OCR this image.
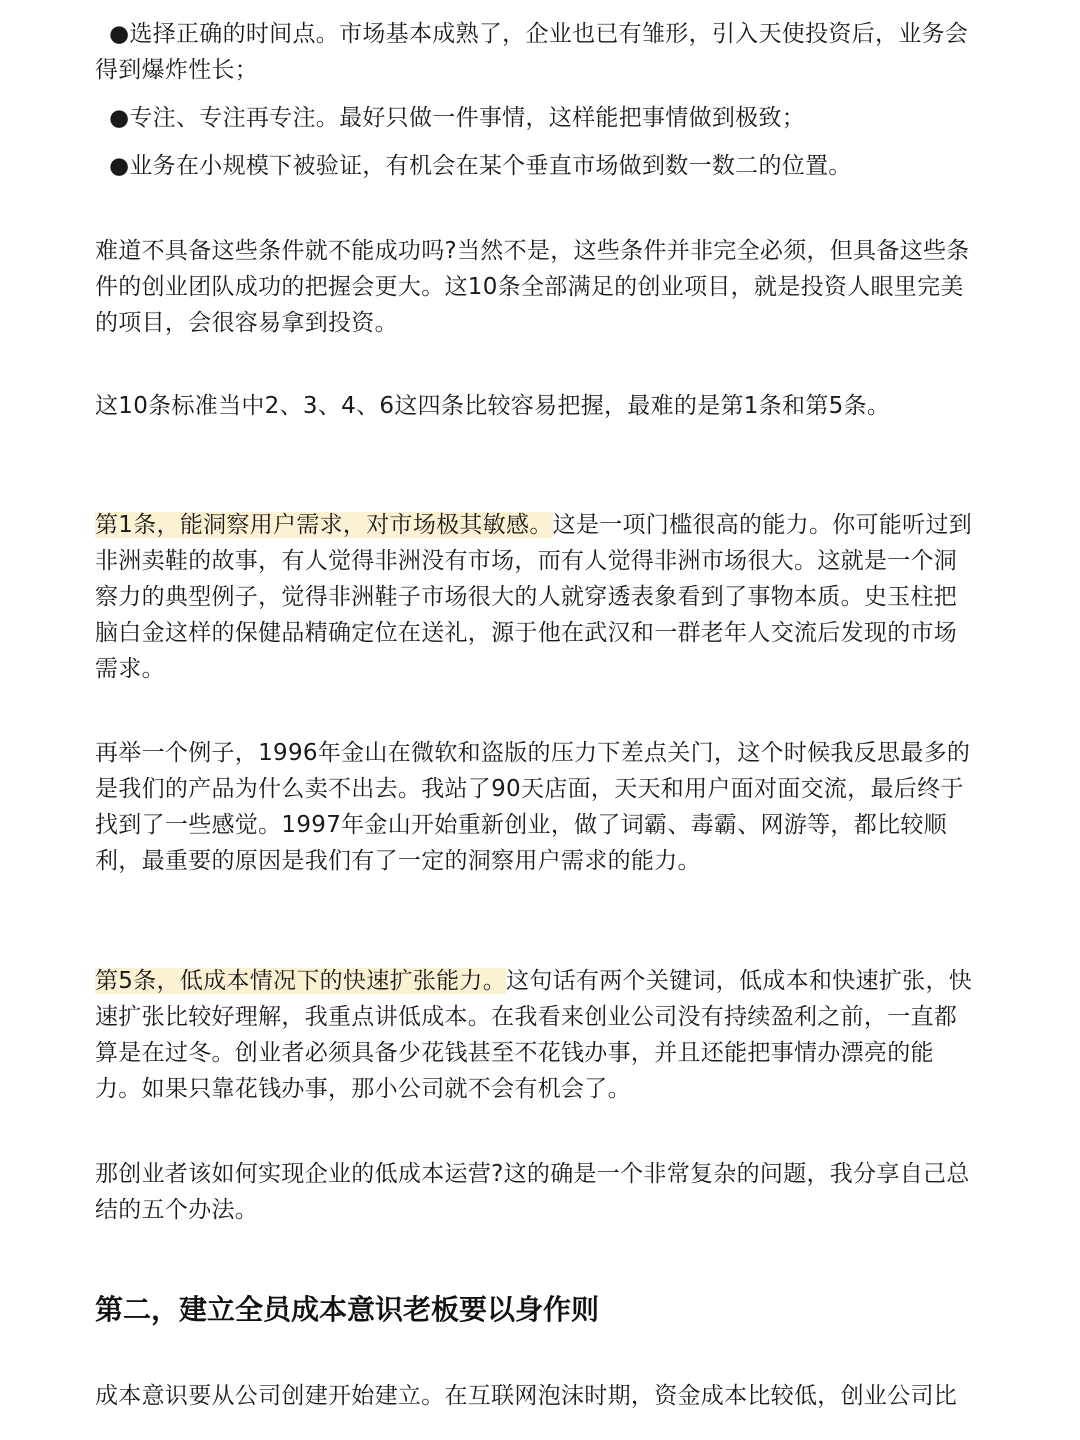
●选择正确的时间点。市场基本成熟了，企业也已有雏形，引入天使投资后，业务会
得到爆炸性长；
●专注、专注再专注。最好只做一件事情，这样能把事情做到极致；
●业务在小规模下被验证，有机会在某个垂直市场做到数一数二的位置。
难道不具备这些条件就不能成功吗?当然不是，这些条件并非完全必须，但具备这些条
件的创业团队成功的把握会更大。这10条全部满足的创业项目，就是投资人眼里完美
的项目，会很容易拿到投资。
这10条标准当中2、3、4、6这四条比较容易把握，最难的是第1条和第5条。
第1条，能洞察用户需求，对市场极其敏感。这是一项门槛很高的能力。你可能听过到
非洲卖鞋的故事，有人觉得非洲没有市场，而有人觉得非洲市场很大。这就是一个洞
察力的典型例子，觉得非洲鞋子市场很大的人就穿透表象看到了事物本质。史玉柱把
脑白金这样的保健品精确定位在送礼，源于他在武汉和一群老年人交流后发现的市场
需求。
再举一个例子，1996年金山在微软和盗版的压力下差点关门，这个时候我反思最多的
是我们的产品为什么卖不出去。我站了90天店面，天天和用户面对面交流，最后终于
找到了一些感觉。1997年金山开始重新创业，做了词霸、毒霸、网游等，都比较顺
利，最重要的原因是我们有了一定的洞察用户需求的能力。
第5条，低成本情况下的快速扩张能力。这句话有两个关键词，低成本和快速扩张，快
速扩张比较好理解，我重点讲低成本。在我看来创业公司没有持续盈利之前，一直都
算是在过冬。创业者必须具备少花钱甚至不花钱办事，并且还能把事情办漂亮的能
力。如果只靠花钱办事，那小公司就不会有机会了。
那创业者该如何实现企业的低成本运营?这的确是一个非常复杂的问题，我分享自己总
结的五个办法。
第二，建立全员成本意识老板要以身作则
成本意识要从公司创建开始建立。在互联网泡沫时期，资金成本比较低，创业公司比
